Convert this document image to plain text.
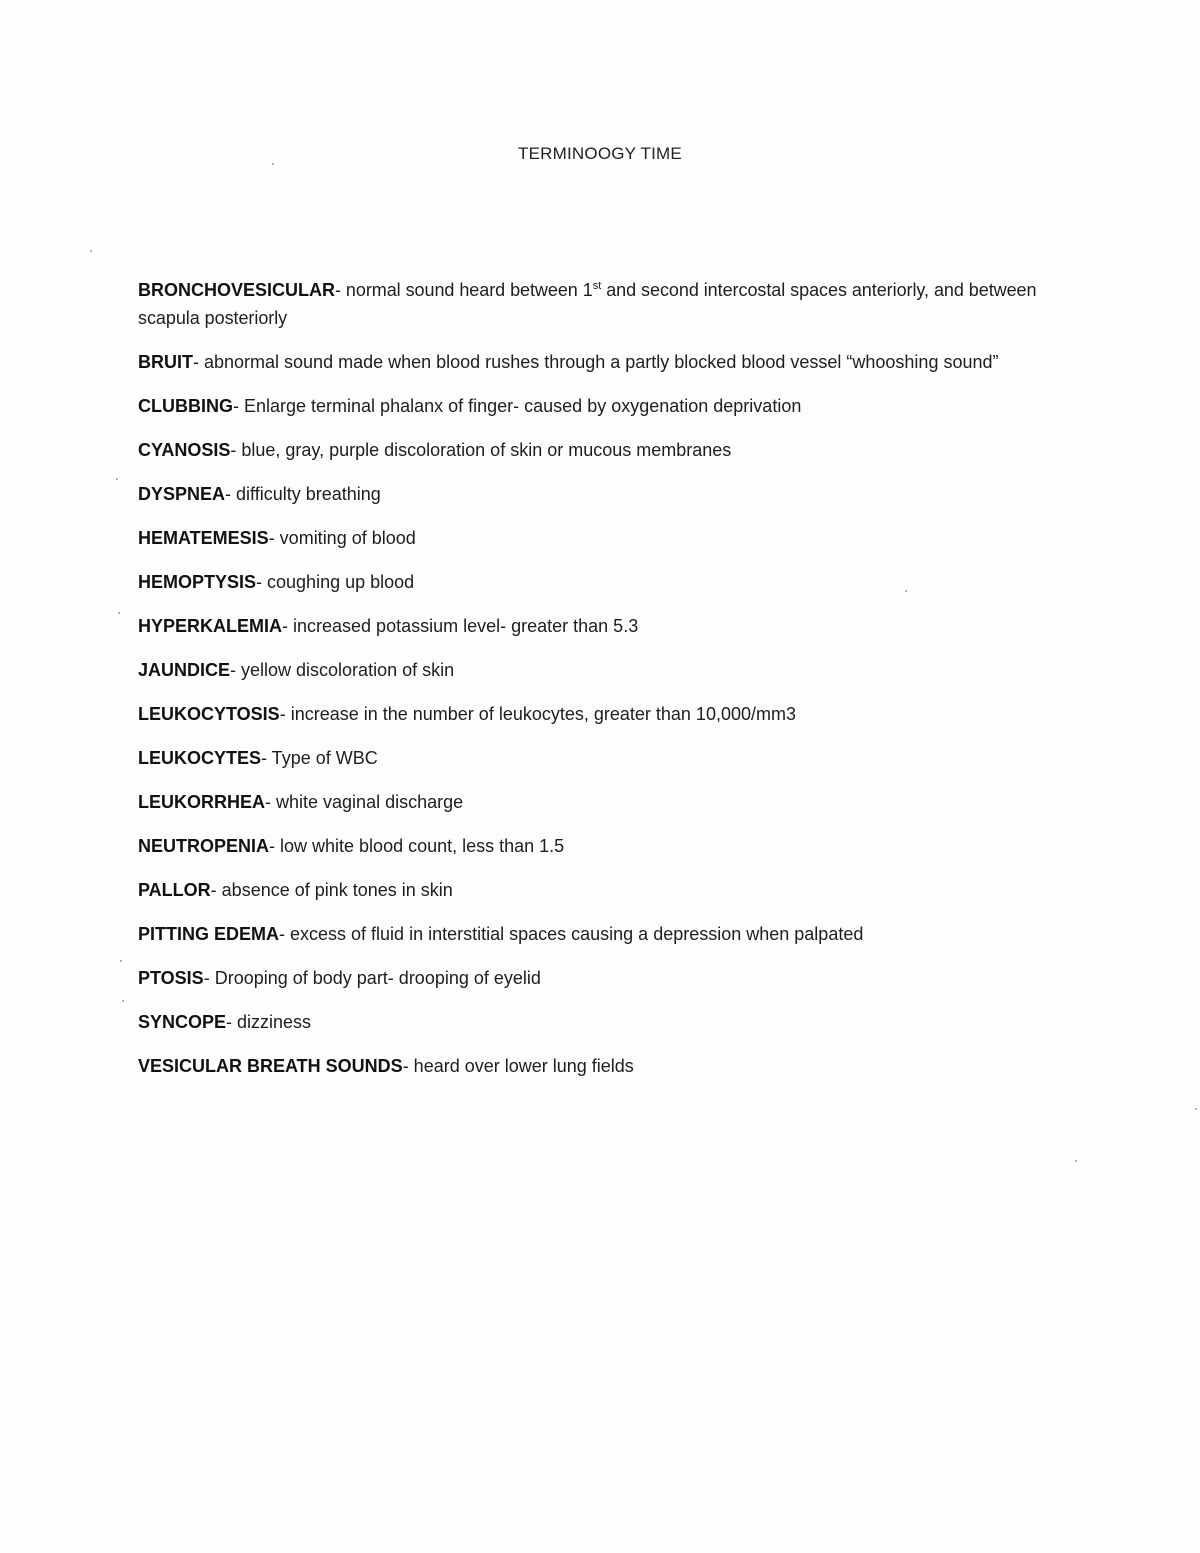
TERMINOOGY TIME
BRONCHOVESICULAR- normal sound heard between 1st and second intercostal spaces anteriorly, and between scapula posteriorly
BRUIT- abnormal sound made when blood rushes through a partly blocked blood vessel “whooshing sound”
CLUBBING- Enlarge terminal phalanx of finger- caused by oxygenation deprivation
CYANOSIS- blue, gray, purple discoloration of skin or mucous membranes
DYSPNEA- difficulty breathing
HEMATEMESIS- vomiting of blood
HEMOPTYSIS- coughing up blood
HYPERKALEMIA- increased potassium level- greater than 5.3
JAUNDICE- yellow discoloration of skin
LEUKOCYTOSIS- increase in the number of leukocytes, greater than 10,000/mm3
LEUKOCYTES- Type of WBC
LEUKORRHEA- white vaginal discharge
NEUTROPENIA- low white blood count, less than 1.5
PALLOR- absence of pink tones in skin
PITTING EDEMA- excess of fluid in interstitial spaces causing a depression when palpated
PTOSIS- Drooping of body part- drooping of eyelid
SYNCOPE- dizziness
VESICULAR BREATH SOUNDS- heard over lower lung fields
